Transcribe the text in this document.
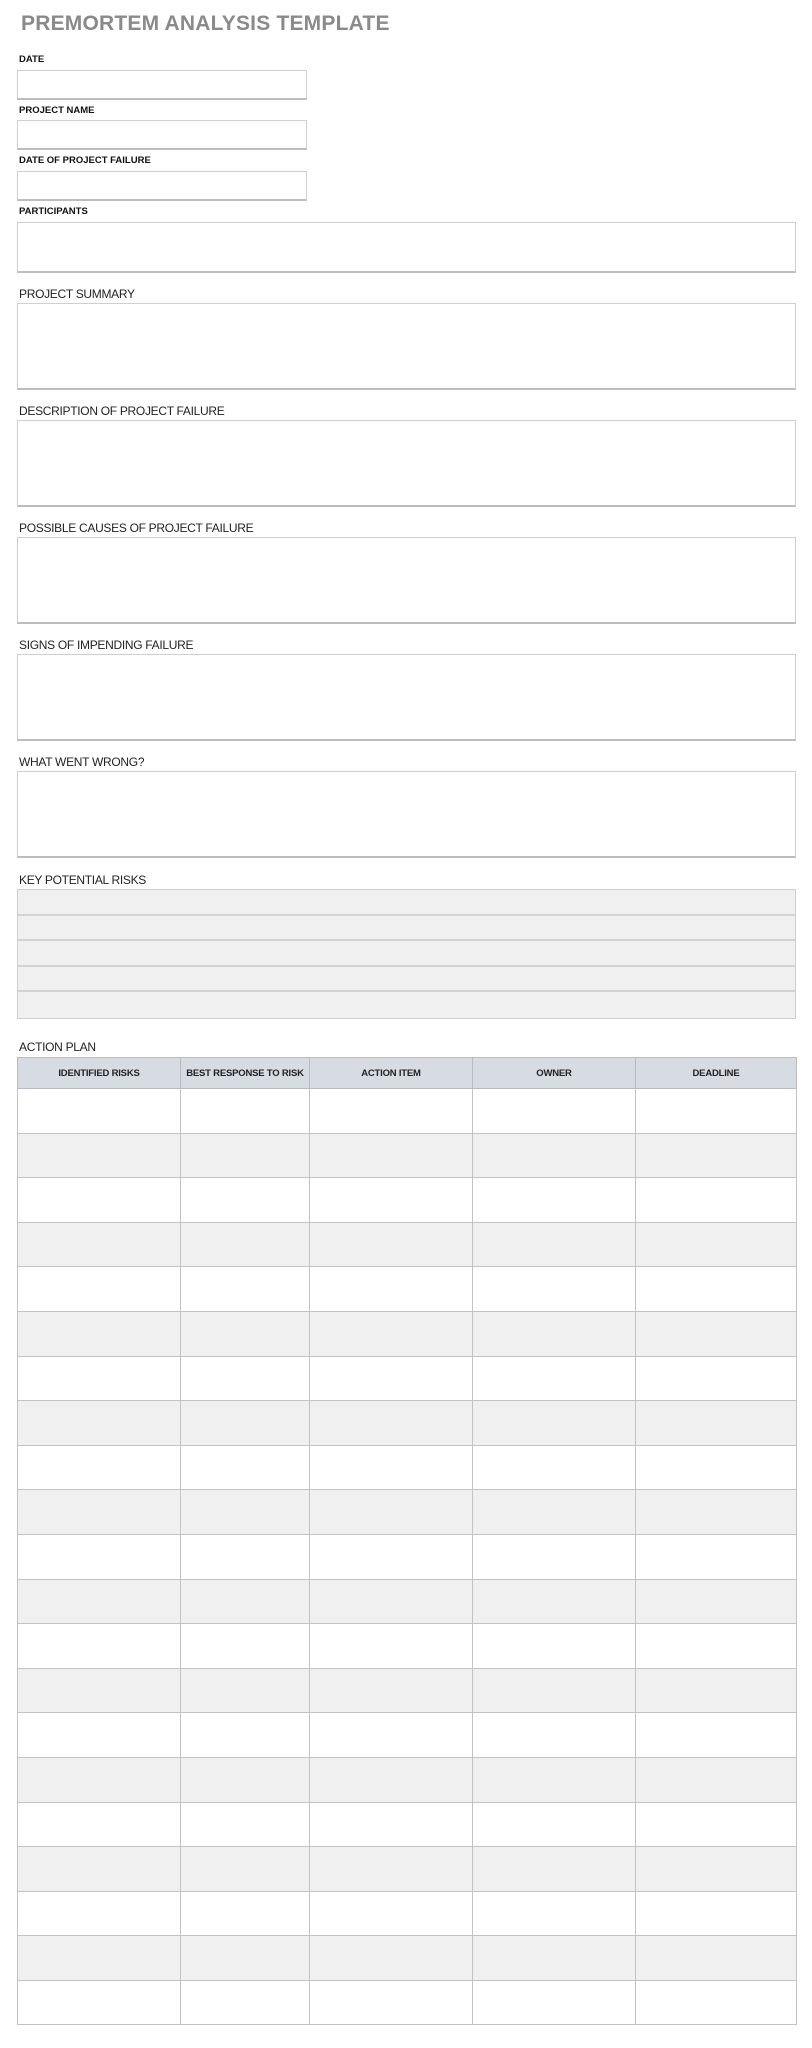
PREMORTEM ANALYSIS TEMPLATE
DATE
PROJECT NAME
DATE OF PROJECT FAILURE
PARTICIPANTS
PROJECT SUMMARY
DESCRIPTION OF PROJECT FAILURE
POSSIBLE CAUSES OF PROJECT FAILURE
SIGNS OF IMPENDING FAILURE
WHAT WENT WRONG?
KEY POTENTIAL RISKS
ACTION PLAN
IDENTIFIED RISKS	BEST RESPONSE TO RISK	ACTION ITEM	OWNER	DEADLINE
